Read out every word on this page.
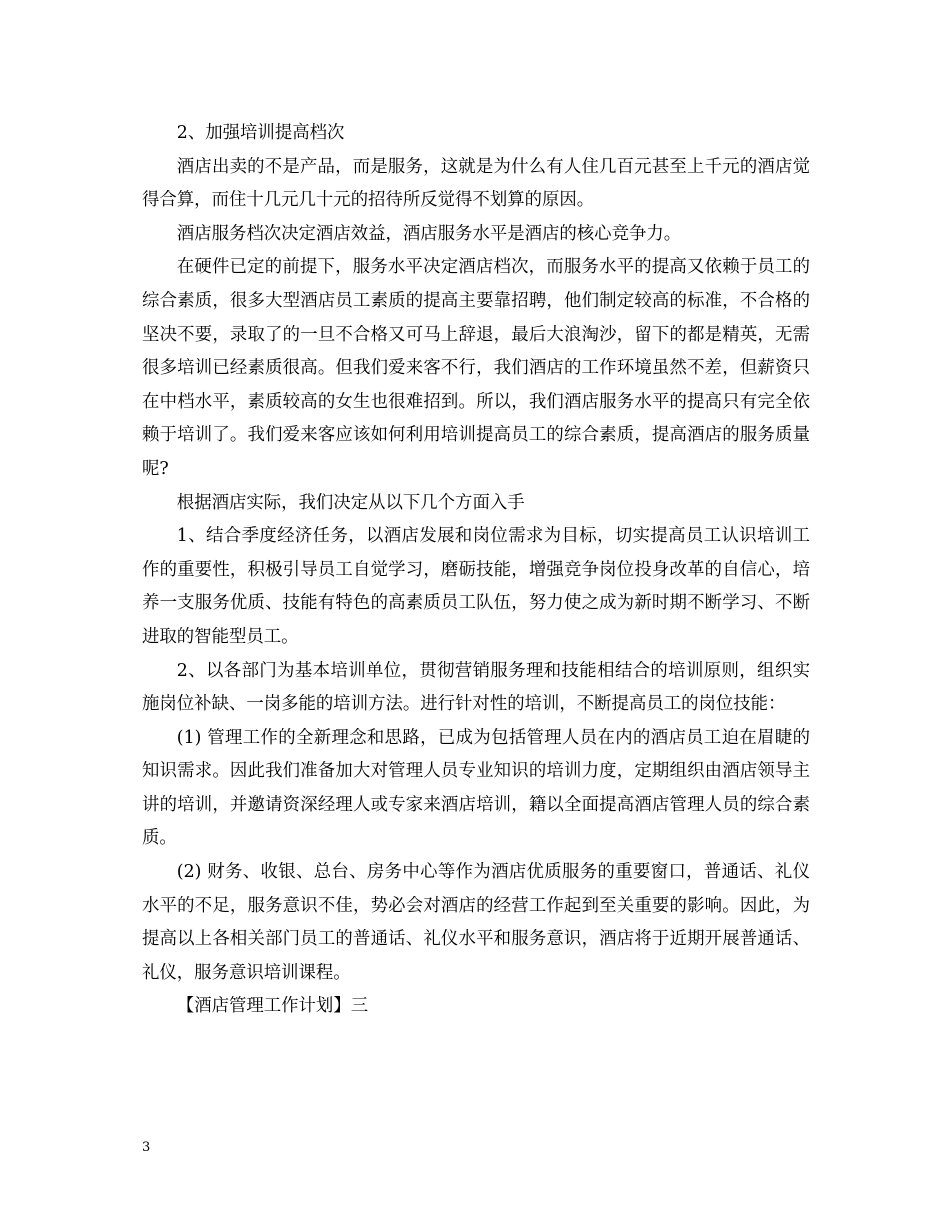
2、加强培训提高档次

酒店出卖的不是产品，而是服务，这就是为什么有人住几百元甚至上千元的酒店觉得合算，而住十几元几十元的招待所反觉得不划算的原因。

酒店服务档次决定酒店效益，酒店服务水平是酒店的核心竞争力。

在硬件已定的前提下，服务水平决定酒店档次，而服务水平的提高又依赖于员工的综合素质，很多大型酒店员工素质的提高主要靠招聘，他们制定较高的标准，不合格的坚决不要，录取了的一旦不合格又可马上辞退，最后大浪淘沙，留下的都是精英，无需很多培训已经素质很高。但我们爱来客不行，我们酒店的工作环境虽然不差，但薪资只在中档水平，素质较高的女生也很难招到。所以，我们酒店服务水平的提高只有完全依赖于培训了。我们爱来客应该如何利用培训提高员工的综合素质，提高酒店的服务质量呢?

根据酒店实际，我们决定从以下几个方面入手

1、结合季度经济任务，以酒店发展和岗位需求为目标，切实提高员工认识培训工作的重要性，积极引导员工自觉学习，磨砺技能，增强竞争岗位投身改革的自信心，培养一支服务优质、技能有特色的高素质员工队伍，努力使之成为新时期不断学习、不断进取的智能型员工。

2、以各部门为基本培训单位，贯彻营销服务理和技能相结合的培训原则，组织实施岗位补缺、一岗多能的培训方法。进行针对性的培训，不断提高员工的岗位技能：

(1) 管理工作的全新理念和思路，已成为包括管理人员在内的酒店员工迫在眉睫的知识需求。因此我们准备加大对管理人员专业知识的培训力度，定期组织由酒店领导主讲的培训，并邀请资深经理人或专家来酒店培训，籍以全面提高酒店管理人员的综合素质。

(2) 财务、收银、总台、房务中心等作为酒店优质服务的重要窗口，普通话、礼仪水平的不足，服务意识不佳，势必会对酒店的经营工作起到至关重要的影响。因此，为提高以上各相关部门员工的普通话、礼仪水平和服务意识，酒店将于近期开展普通话、礼仪，服务意识培训课程。

【酒店管理工作计划】三

3
